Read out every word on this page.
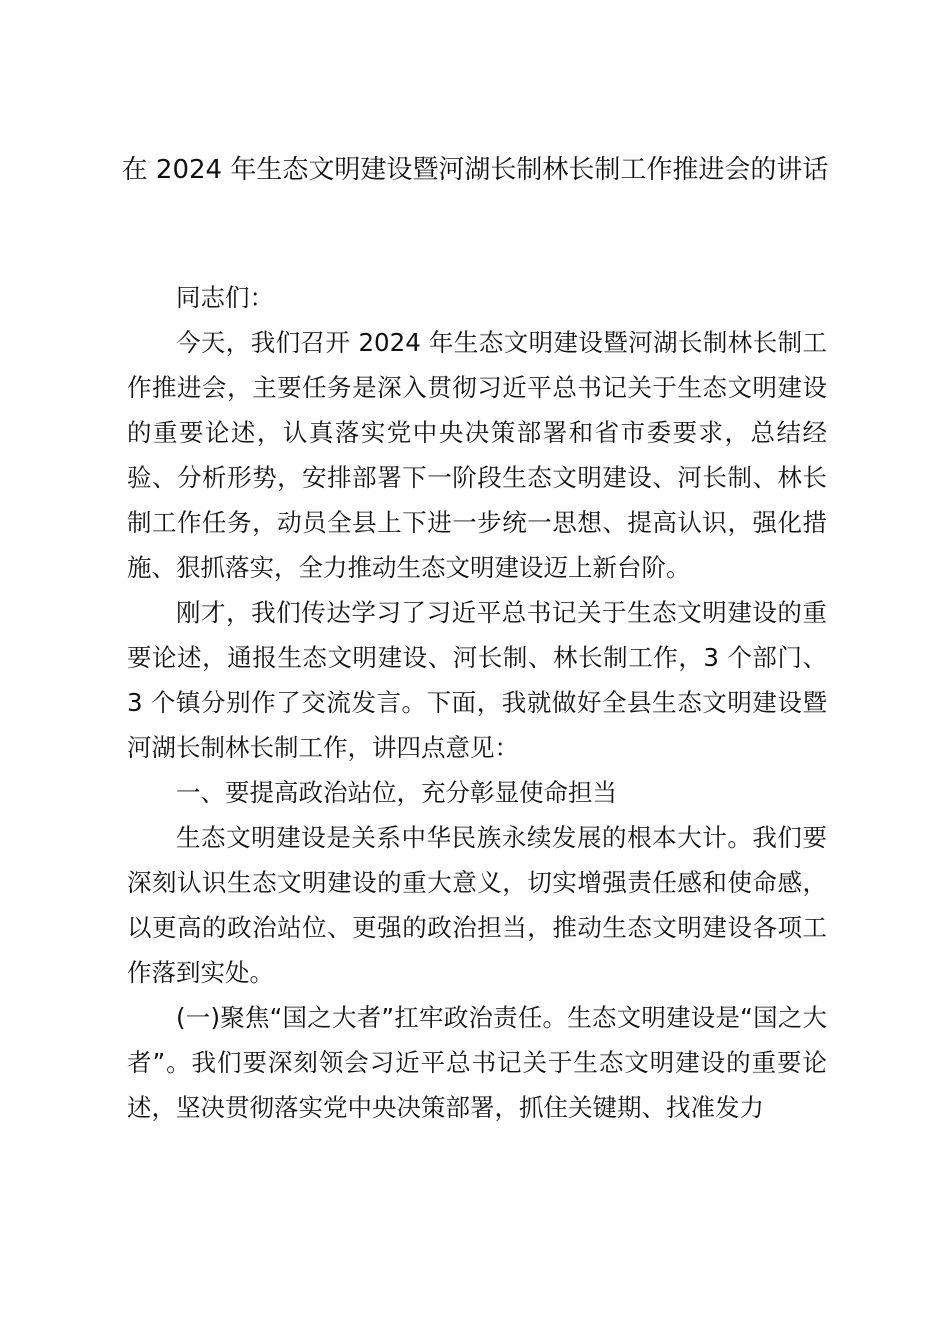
在 2024 年生态文明建设暨河湖长制林长制工作推进会的讲话

同志们：

今天，我们召开 2024 年生态文明建设暨河湖长制林长制工作推进会，主要任务是深入贯彻习近平总书记关于生态文明建设的重要论述，认真落实党中央决策部署和省市委要求，总结经验、分析形势，安排部署下一阶段生态文明建设、河长制、林长制工作任务，动员全县上下进一步统一思想、提高认识，强化措施、狠抓落实，全力推动生态文明建设迈上新台阶。

刚才，我们传达学习了习近平总书记关于生态文明建设的重要论述，通报生态文明建设、河长制、林长制工作，3 个部门、3 个镇分别作了交流发言。下面，我就做好全县生态文明建设暨河湖长制林长制工作，讲四点意见：

一、要提高政治站位，充分彰显使命担当

生态文明建设是关系中华民族永续发展的根本大计。我们要深刻认识生态文明建设的重大意义，切实增强责任感和使命感，以更高的政治站位、更强的政治担当，推动生态文明建设各项工作落到实处。

(一)聚焦“国之大者”扛牢政治责任。生态文明建设是“国之大者”。我们要深刻领会习近平总书记关于生态文明建设的重要论述，坚决贯彻落实党中央决策部署，抓住关键期、找准发力
